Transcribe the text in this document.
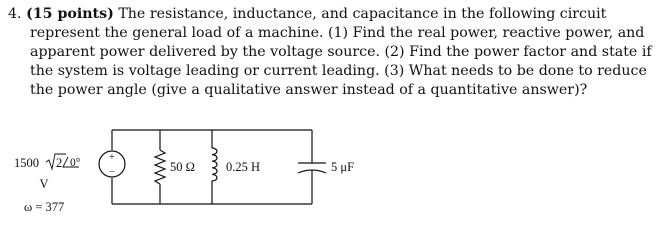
4. (15 points) The resistance, inductance, and capacitance in the following circuit
represent the general load of a machine. (1) Find the real power, reactive power, and
apparent power delivered by the voltage source. (2) Find the power factor and state if
the system is voltage leading or current leading. (3) What needs to be done to reduce
the power angle (give a qualitative answer instead of a quantitative answer)?
+
−
1500 2 0°
V
ω = 377
50 Ω 0.25 H	5 μF
